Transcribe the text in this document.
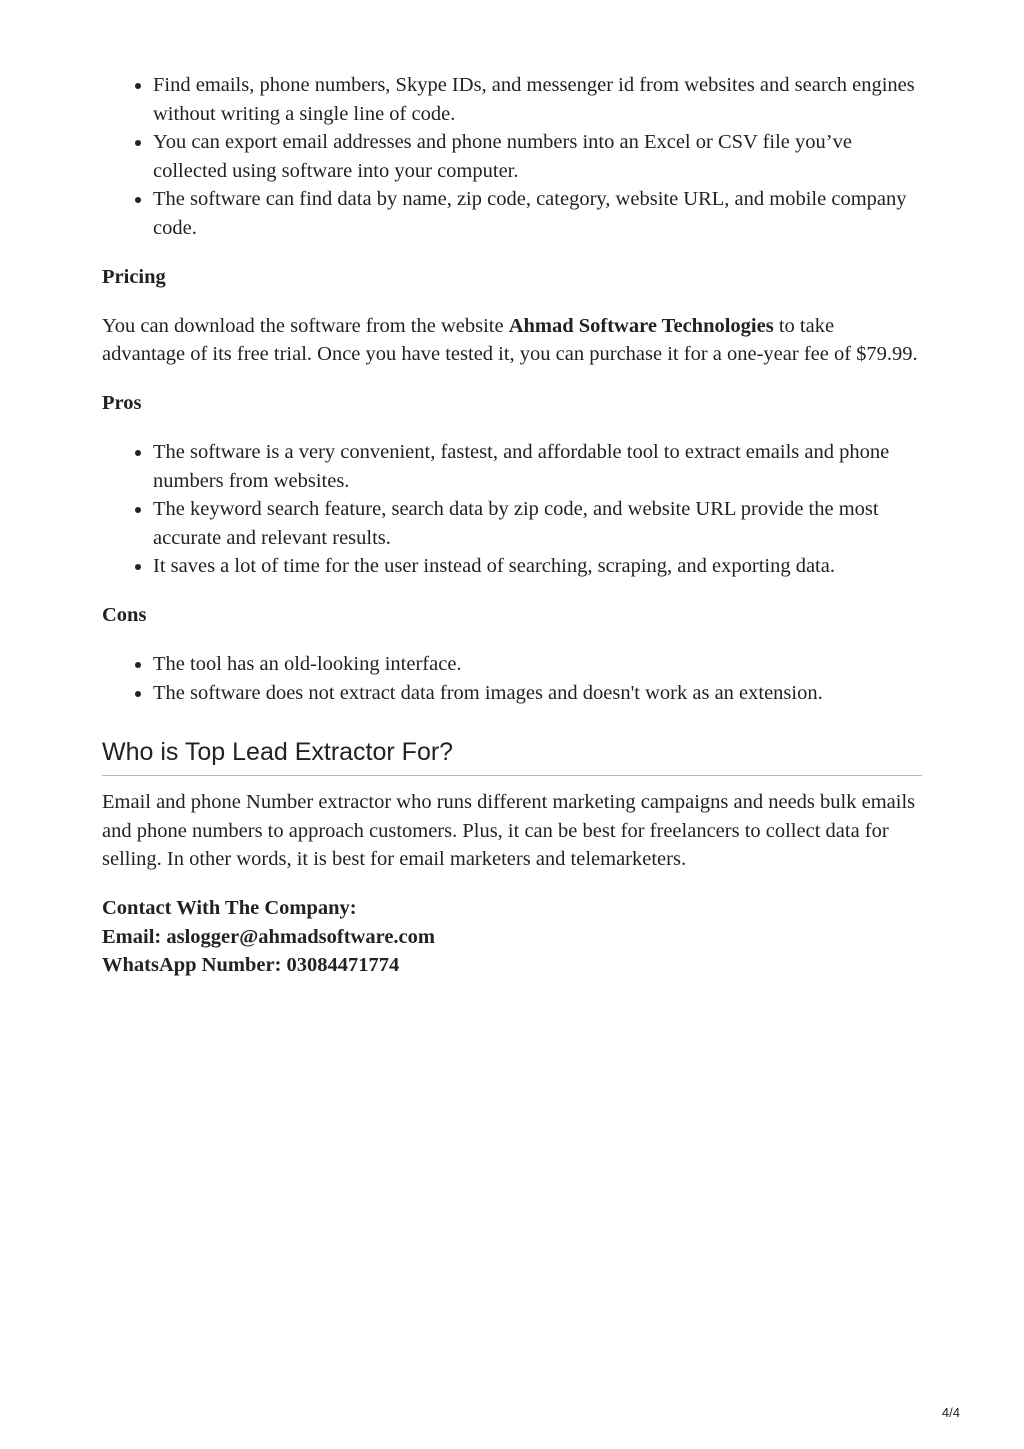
• Find emails, phone numbers, Skype IDs, and messenger id from websites and search engines without writing a single line of code.
• You can export email addresses and phone numbers into an Excel or CSV file you’ve collected using software into your computer.
• The software can find data by name, zip code, category, website URL, and mobile company code.
Pricing

You can download the software from the website Ahmad Software Technologies to take advantage of its free trial. Once you have tested it, you can purchase it for a one-year fee of $79.99.

Pros
• The software is a very convenient, fastest, and affordable tool to extract emails and phone numbers from websites.
• The keyword search feature, search data by zip code, and website URL provide the most accurate and relevant results.
• It saves a lot of time for the user instead of searching, scraping, and exporting data.
Cons
• The tool has an old-looking interface.
• The software does not extract data from images and doesn't work as an extension.
Who is Top Lead Extractor For?

Email and phone Number extractor who runs different marketing campaigns and needs bulk emails and phone numbers to approach customers. Plus, it can be best for freelancers to collect data for selling. In other words, it is best for email marketers and telemarketers.

Contact With The Company:
Email: aslogger@ahmadsoftware.com
WhatsApp Number: 03084471774
4/4
